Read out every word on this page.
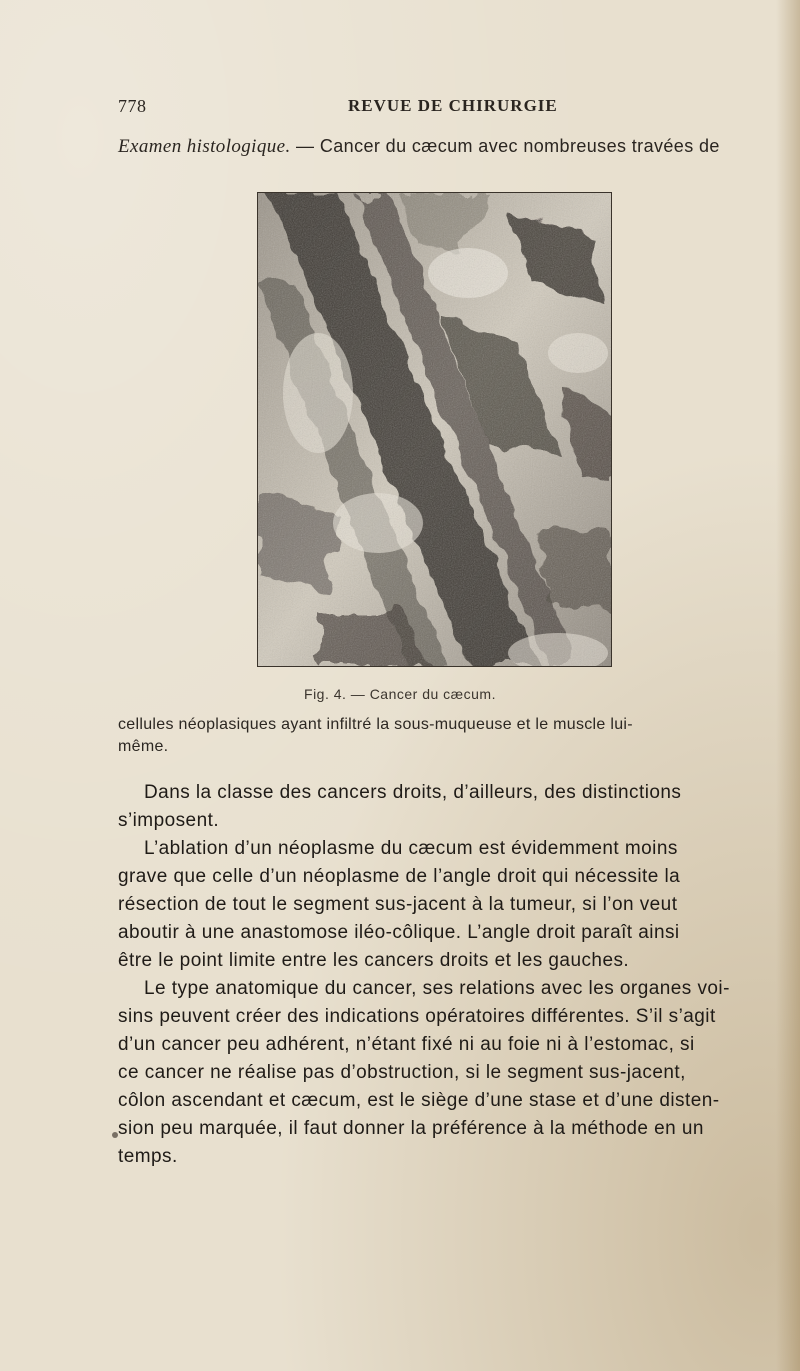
778	REVUE DE CHIRURGIE
Examen histologique. — Cancer du cæcum avec nombreuses travées de
Fig. 4. — Cancer du cæcum.
cellules néoplasiques ayant infiltré la sous-muqueuse et le muscle lui-
même.
Dans la classe des cancers droits, d’ailleurs, des distinctions
s’imposent.
L’ablation d’un néoplasme du cæcum est évidemment moins
grave que celle d’un néoplasme de l’angle droit qui nécessite la
résection de tout le segment sus-jacent à la tumeur, si l’on veut
aboutir à une anastomose iléo-côlique. L’angle droit paraît ainsi
être le point limite entre les cancers droits et les gauches.
Le type anatomique du cancer, ses relations avec les organes voi-
sins peuvent créer des indications opératoires différentes. S’il s’agit
d’un cancer peu adhérent, n’étant fixé ni au foie ni à l’estomac, si
ce cancer ne réalise pas d’obstruction, si le segment sus-jacent,
côlon ascendant et cæcum, est le siège d’une stase et d’une disten-
sion peu marquée, il faut donner la préférence à la méthode en un
temps.
